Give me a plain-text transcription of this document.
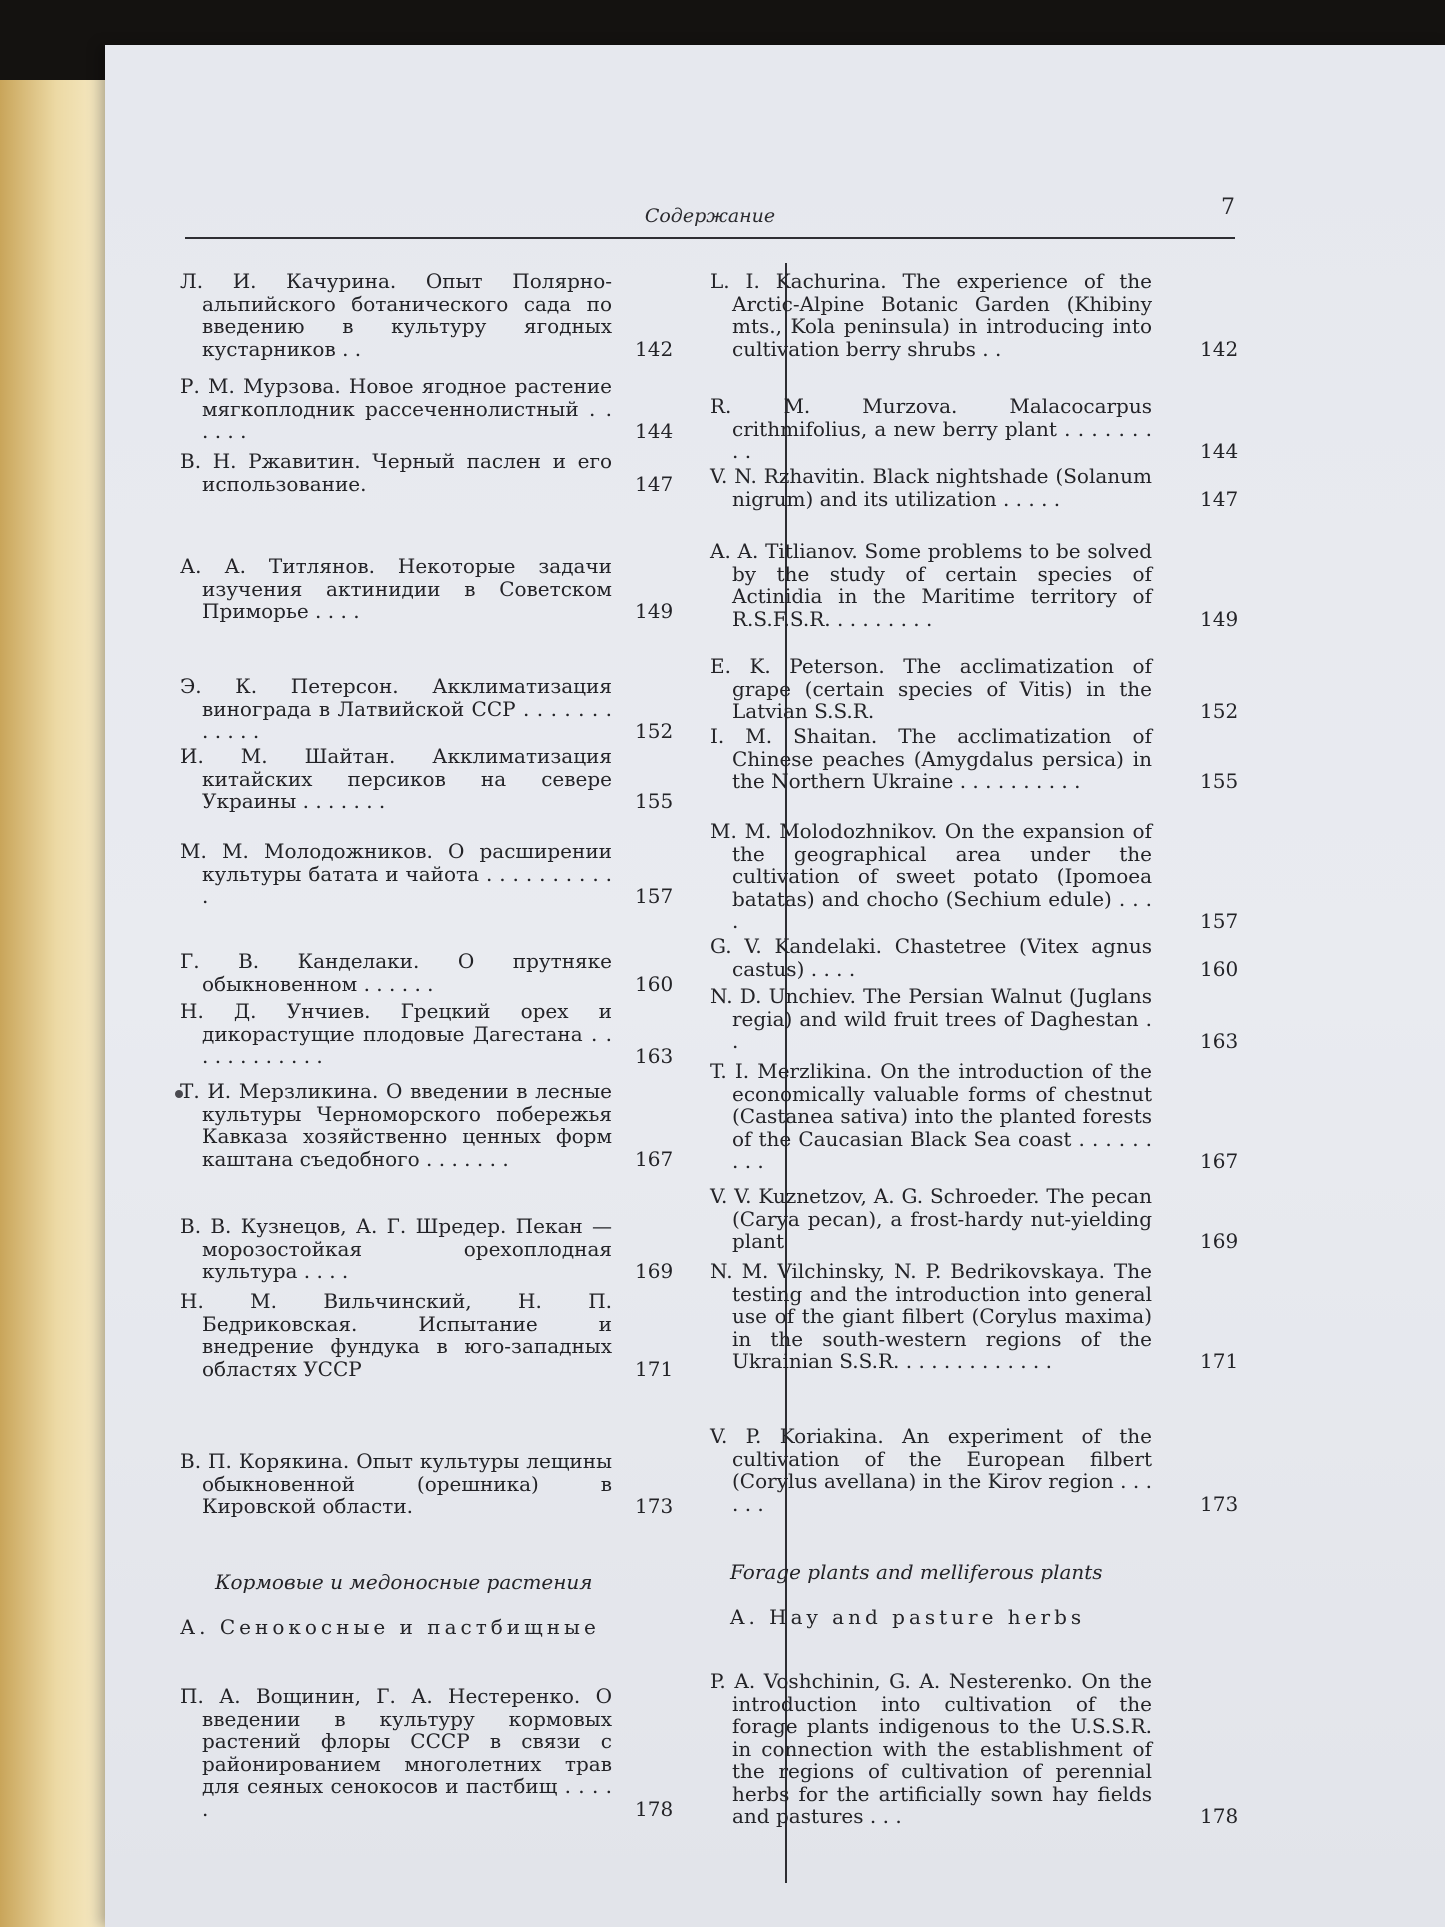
Содержание	7
Л. И. Качурина. Опыт Полярно-альпийского ботанического сада по введению в культуру ягодных кустарников . .	142
Р. М. Мурзова. Новое ягодное растение мягкоплодник рассеченнолистный . . . . . .	144
В. Н. Ржавитин. Черный паслен и его использование.	147
А. А. Титлянов. Некоторые задачи изучения актинидии в Советском Приморье . . . .	149
Э. К. Петерсон. Акклиматизация винограда в Латвийской ССР . . . . . . . . . . . .	152
И. М. Шайтан. Акклиматизация китайских персиков на севере Украины . . . . . . .	155
М. М. Молодожников. О расширении культуры батата и чайота . . . . . . . . . . .	157
Г. В. Канделаки. О прутняке обыкновенном . . . . . .	160
Н. Д. Унчиев. Грецкий орех и дикорастущие плодовые Дагестана . . . . . . . . . . . .	163
Т. И. Мерзликина. О введении в лесные культуры Черноморского побережья Кавказа хозяйственно ценных форм каштана съедобного . . . . . . .	167
В. В. Кузнецов, А. Г. Шредер. Пекан — морозостойкая орехоплодная культура . . . .	169
Н. М. Вильчинский, Н. П. Бедриковская. Испытание и внедрение фундука в юго-западных областях УССР	171
В. П. Корякина. Опыт культуры лещины обыкновенной (орешника) в Кировской области.	173
Кормовые и медоносные растения
А. Сенокосные и пастбищные
П. А. Вощинин, Г. А. Нестеренко. О введении в культуру кормовых растений флоры СССР в связи с районированием многолетних трав для сеяных сенокосов и пастбищ . . . . .	178
L. I. Kachurina. The experience of the Arctic-Alpine Botanic Garden (Khibiny mts., Kola peninsula) in introducing into cultivation berry shrubs . .	142
R. M. Murzova. Malacocarpus crithmifolius, a new berry plant . . . . . . . . .	144
V. N. Rzhavitin. Black nightshade (Solanum nigrum) and its utilization . . . . .	147
A. A. Titlianov. Some problems to be solved by the study of certain species of Actinidia in the Maritime territory of R.S.F.S.R. . . . . . . . .	149
E. K. Peterson. The acclimatization of grape (certain species of Vitis) in the Latvian S.S.R.	152
I. M. Shaitan. The acclimatization of Chinese peaches (Amygdalus persica) in the Northern Ukraine . . . . . . . . . .	155
M. M. Molodozhnikov. On the expansion of the geographical area under the cultivation of sweet potato (Ipomoea batatas) and chocho (Sechium edule) . . . .	157
G. V. Kandelaki. Chastetree (Vitex agnus castus) . . . .	160
N. D. Unchiev. The Persian Walnut (Juglans regia) and wild fruit trees of Daghestan . .	163
T. I. Merzlikina. On the introduction of the economically valuable forms of chestnut (Castanea sativa) into the planted forests of the Caucasian Black Sea coast . . . . . . . . .	167
V. V. Kuznetzov, A. G. Schroeder. The pecan (Carya pecan), a frost-hardy nut-yielding plant	169
N. M. Vilchinsky, N. P. Bedrikovskaya. The testing and the introduction into general use of the giant filbert (Corylus maxima) in the south-western regions of the Ukrainian S.S.R. . . . . . . . . . . . .	171
V. P. Koriakina. An experiment of the cultivation of the European filbert (Corylus avellana) in the Kirov region . . . . . .	173
Forage plants and melliferous plants
A. Hay and pasture herbs
P. A. Voshchinin, G. A. Nesterenko. On the introduction into cultivation of the forage plants indigenous to the U.S.S.R. in connection with the establishment of the regions of cultivation of perennial herbs for the artificially sown hay fields and pastures . . .	178
